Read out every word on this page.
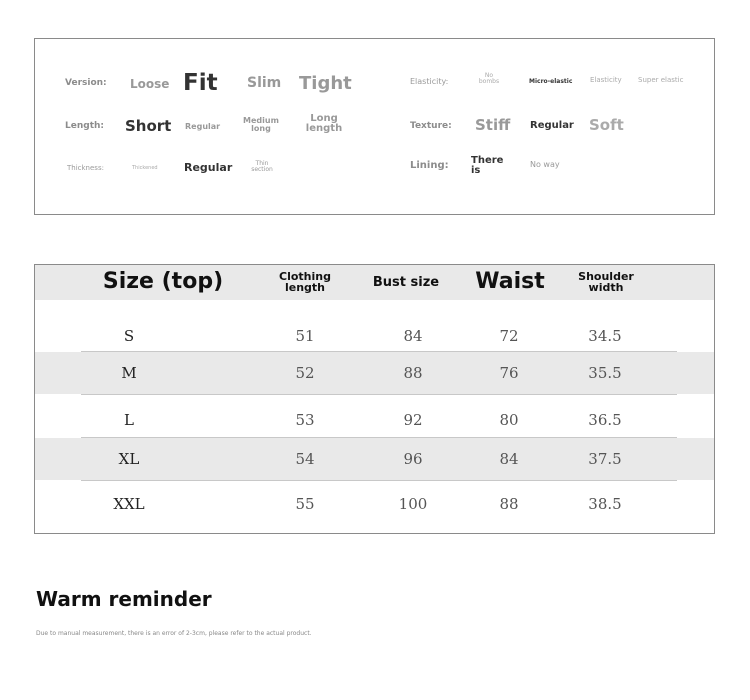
Version: Loose Fit Slim Tight
Length: Short Regular
Medium long
Long length
Thickness:	Thickened Regular	Thin section
Elasticity:
No bombs	Micro-elastic	Elasticity Super elastic
Texture: Stiff Regular Soft
Lining: There is
No way
Size (top)	Clothing length	Bust size	Waist	Shoulder width
S	51	84	72	34.5
M	52	88	76	35.5
L	53	92	80	36.5
XL	54	96	84	37.5
XXL	55	100	88	38.5
Warm reminder
Due to manual measurement, there is an error of 2-3cm, please refer to the actual product.
